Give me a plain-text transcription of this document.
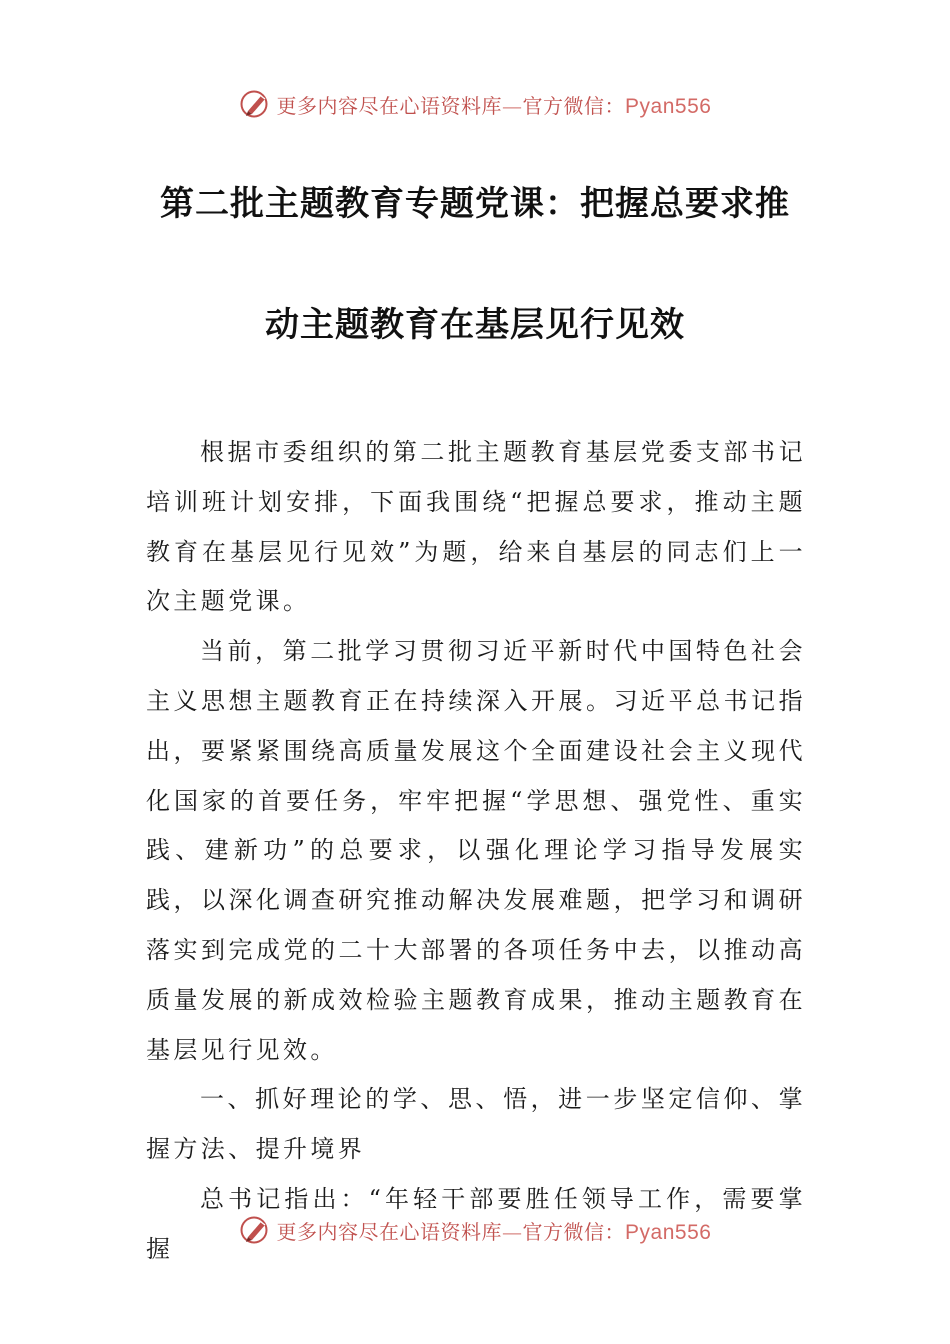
更多内容尽在心语资料库—官方微信：Pyan556
第二批主题教育专题党课：把握总要求推
动主题教育在基层见行见效

根据市委组织的第二批主题教育基层党委支部书记培训班计划安排，下面我围绕“把握总要求，推动主题教育在基层见行见效”为题，给来自基层的同志们上一次主题党课。

当前，第二批学习贯彻习近平新时代中国特色社会主义思想主题教育正在持续深入开展。习近平总书记指出，要紧紧围绕高质量发展这个全面建设社会主义现代化国家的首要任务，牢牢把握“学思想、强党性、重实践、建新功”的总要求，以强化理论学习指导发展实践，以深化调查研究推动解决发展难题，把学习和调研落实到完成党的二十大部署的各项任务中去，以推动高质量发展的新成效检验主题教育成果，推动主题教育在基层见行见效。

一、抓好理论的学、思、悟，进一步坚定信仰、掌握方法、提升境界

总书记指出：“年轻干部要胜任领导工作，需要掌握

更多内容尽在心语资料库—官方微信：Pyan556
